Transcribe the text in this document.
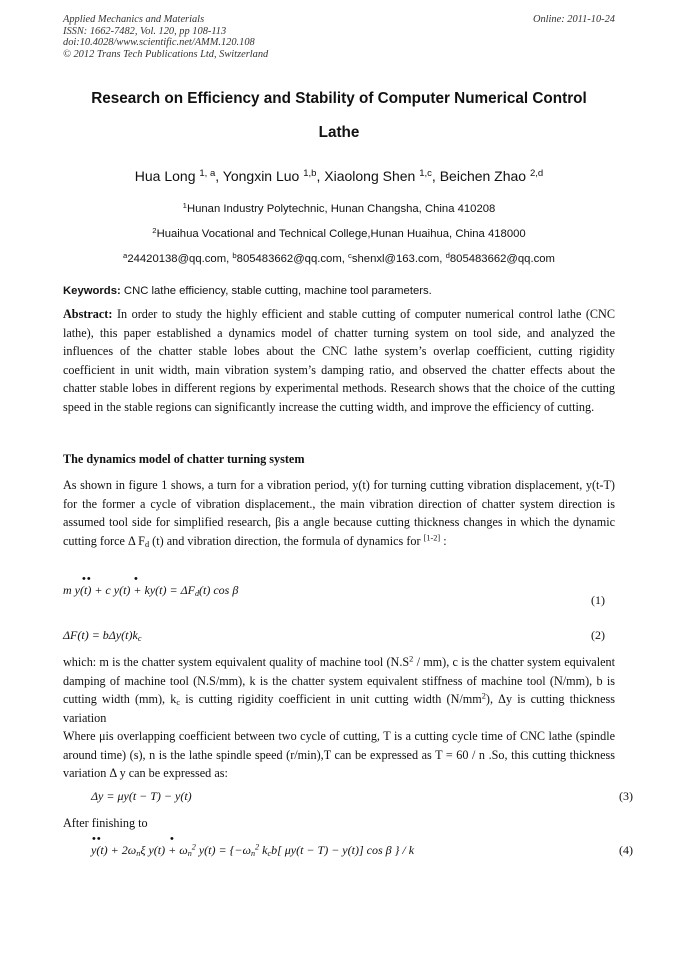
Applied Mechanics and Materials
ISSN: 1662-7482, Vol. 120, pp 108-113
doi:10.4028/www.scientific.net/AMM.120.108
© 2012 Trans Tech Publications Ltd, Switzerland
Online: 2011-10-24
Research on Efficiency and Stability of Computer Numerical Control
Lathe
Hua Long $^{1, a}$, Yongxin Luo $^{1,b}$, Xiaolong Shen $^{1,c}$, Beichen Zhao $^{2,d}$
$^1$Hunan Industry Polytechnic, Hunan Changsha, China 410208
$^2$Huaihua Vocational and Technical College,Hunan Huaihua, China 418000
$^a$24420138@qq.com, $^b$805483662@qq.com, $^c$shenxl@163.com, $^d$805483662@qq.com
Keywords: CNC lathe efficiency, stable cutting, machine tool parameters.
Abstract: In order to study the highly efficient and stable cutting of computer numerical control lathe (CNC lathe), this paper established a dynamics model of chatter turning system on tool side, and analyzed the influences of the chatter stable lobes about the CNC lathe system’s overlap coefficient, cutting rigidity coefficient in unit width, main vibration system’s damping ratio, and observed the chatter effects about the chatter stable lobes in different regions by experimental methods. Research shows that the choice of the cutting speed in the stable regions can significantly increase the cutting width, and improve the efficiency of cutting.
The dynamics model of chatter turning system
As shown in figure 1 shows, a turn for a vibration period, y(t) for turning cutting vibration displacement, y(t-T) for the former a cycle of vibration displacement., the main vibration direction of chatter system direction is assumed tool side for simplified research, βis a angle because cutting thickness changes in which the dynamic cutting force Δ $F_d$ (t) and vibration direction, the formula of dynamics for [1-2] :
m y(t) + c $y(t) + ky(t) = \Delta F_d(t)$ cos β
(1)
$\Delta F(t) = b\Delta y(t)k_c$	(2)
which: m is the chatter system equivalent quality of machine tool $(N.S^2 / mm)$, c is the chatter system equivalent damping of machine tool (N.S/mm), k is the chatter system equivalent stiffness of machine tool (N/mm), b is cutting width (mm), $k_c$ is cutting rigidity coefficient in unit cutting width $(N/mm^2)$, Δy is cutting thickness variation
Where μis overlapping coefficient between two cycle of cutting, T is a cutting cycle time of CNC lathe (spindle around time) (s), n is the lathe spindle speed (r/min),T can be expressed as T = 60 / n .So, this cutting thickness variation Δ y can be expressed as:
Δy = μy(t − T) − y(t)	(3)
After finishing to
$y(t) + 2\omega_n\xi$ $y(t) + \omega_n^2$ $y(t) = \{-\omega_n^2$ $k_cb$[ μy(t − T) − y(t)] cos β } / k	(4)
••	•
••	•
